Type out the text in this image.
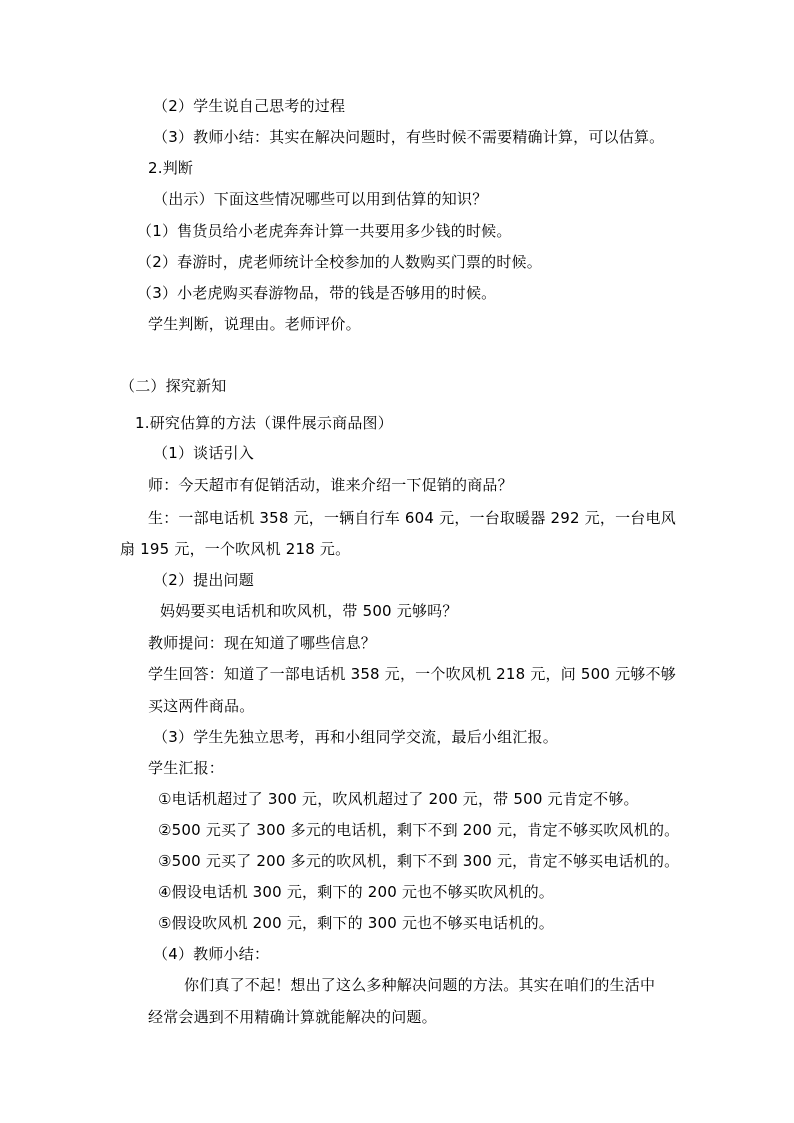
（2）学生说自己思考的过程
（3）教师小结：其实在解决问题时，有些时候不需要精确计算，可以估算。
2.判断
（出示）下面这些情况哪些可以用到估算的知识？
（1）售货员给小老虎奔奔计算一共要用多少钱的时候。
（2）春游时，虎老师统计全校参加的人数购买门票的时候。
（3）小老虎购买春游物品，带的钱是否够用的时候。
学生判断，说理由。老师评价。
（二）探究新知
1.研究估算的方法（课件展示商品图）
（1）谈话引入
师：今天超市有促销活动，谁来介绍一下促销的商品？
生：一部电话机 358 元，一辆自行车 604 元，一台取暖器 292 元，一台电风
扇 195 元，一个吹风机 218 元。
（2）提出问题
妈妈要买电话机和吹风机，带 500 元够吗？
教师提问：现在知道了哪些信息？
学生回答：知道了一部电话机 358 元，一个吹风机 218 元，问 500 元够不够
买这两件商品。
（3）学生先独立思考，再和小组同学交流，最后小组汇报。
学生汇报：
①电话机超过了 300 元，吹风机超过了 200 元，带 500 元肯定不够。
②500 元买了 300 多元的电话机，剩下不到 200 元，肯定不够买吹风机的。
③500 元买了 200 多元的吹风机，剩下不到 300 元，肯定不够买电话机的。
④假设电话机 300 元，剩下的 200 元也不够买吹风机的。
⑤假设吹风机 200 元，剩下的 300 元也不够买电话机的。
（4）教师小结：
你们真了不起！想出了这么多种解决问题的方法。其实在咱们的生活中
经常会遇到不用精确计算就能解决的问题。
